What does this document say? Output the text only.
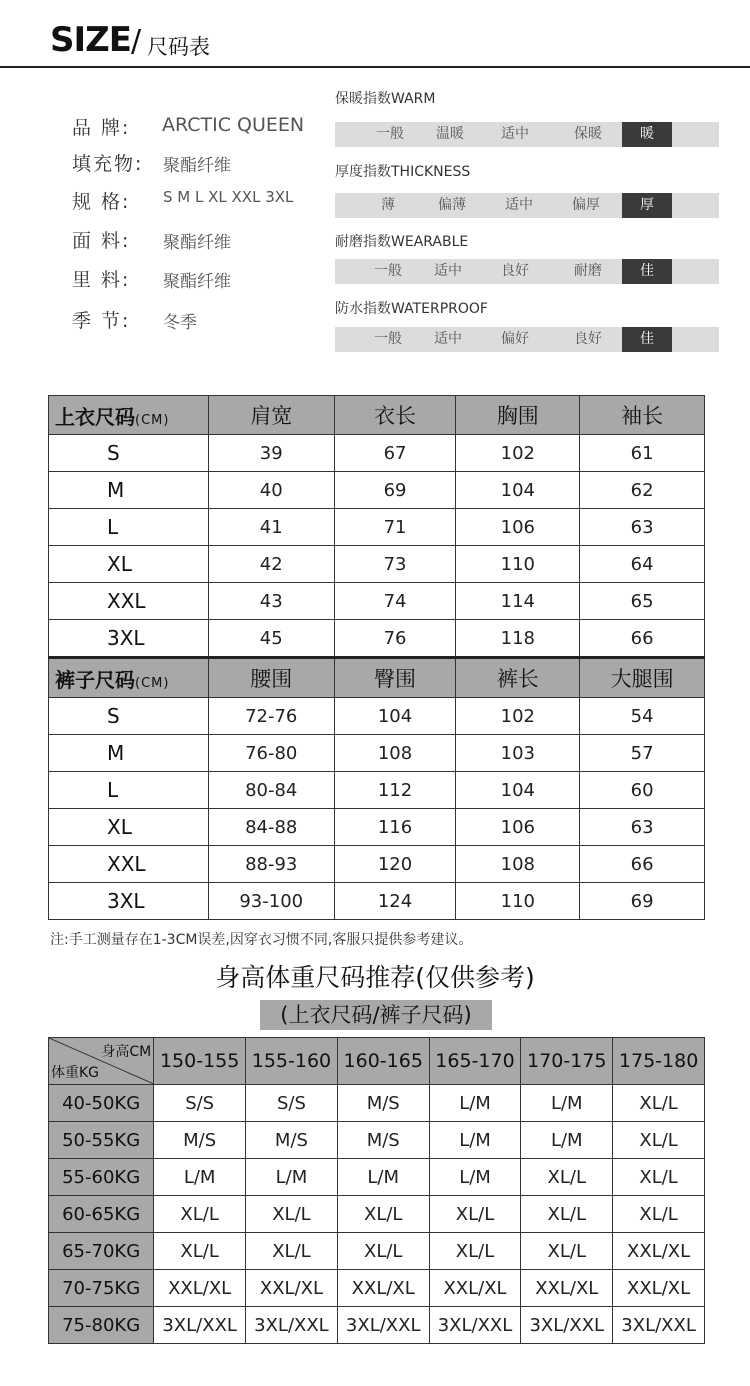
SIZE / 尺码表
品 牌: ARCTIC QUEEN
填充物: 聚酯纤维
规 格: S M L XL XXL 3XL
面 料: 聚酯纤维
里 料: 聚酯纤维
季 节: 冬季
保暖指数WARM
一般	温暖	适中	保暖	暖
厚度指数THICKNESS
薄	偏薄	适中	偏厚	厚
耐磨指数WEARABLE
一般	适中	良好	耐磨	佳
防水指数WATERPROOF
一般	适中	偏好	良好	佳
上衣尺码(CM)	肩宽	衣长	胸围	袖长
S	39	67	102	61
M	40	69	104	62
L	41	71	106	63
XL	42	73	110	64
XXL	43	74	114	65
3XL	45	76	118	66
裤子尺码(CM)	腰围	臀围	裤长	大腿围
S	72-76	104	102	54
M	76-80	108	103	57
L	80-84	112	104	60
XL	84-88	116	106	63
XXL	88-93	120	108	66
3XL	93-100	124	110	69
注:手工测量存在1-3CM误差,因穿衣习惯不同,客服只提供参考建议。
身高体重尺码推荐(仅供参考)
(上衣尺码/裤子尺码)
身高CM
体重KG	150-155	155-160	160-165	165-170	170-175	175-180
40-50KG	S/S	S/S	M/S	L/M	L/M	XL/L
50-55KG	M/S	M/S	M/S	L/M	L/M	XL/L
55-60KG	L/M	L/M	L/M	L/M	XL/L	XL/L
60-65KG	XL/L	XL/L	XL/L	XL/L	XL/L	XL/L
65-70KG	XL/L	XL/L	XL/L	XL/L	XL/L	XXL/XL
70-75KG	XXL/XL	XXL/XL	XXL/XL	XXL/XL	XXL/XL	XXL/XL
75-80KG	3XL/XXL	3XL/XXL	3XL/XXL	3XL/XXL	3XL/XXL	3XL/XXL
